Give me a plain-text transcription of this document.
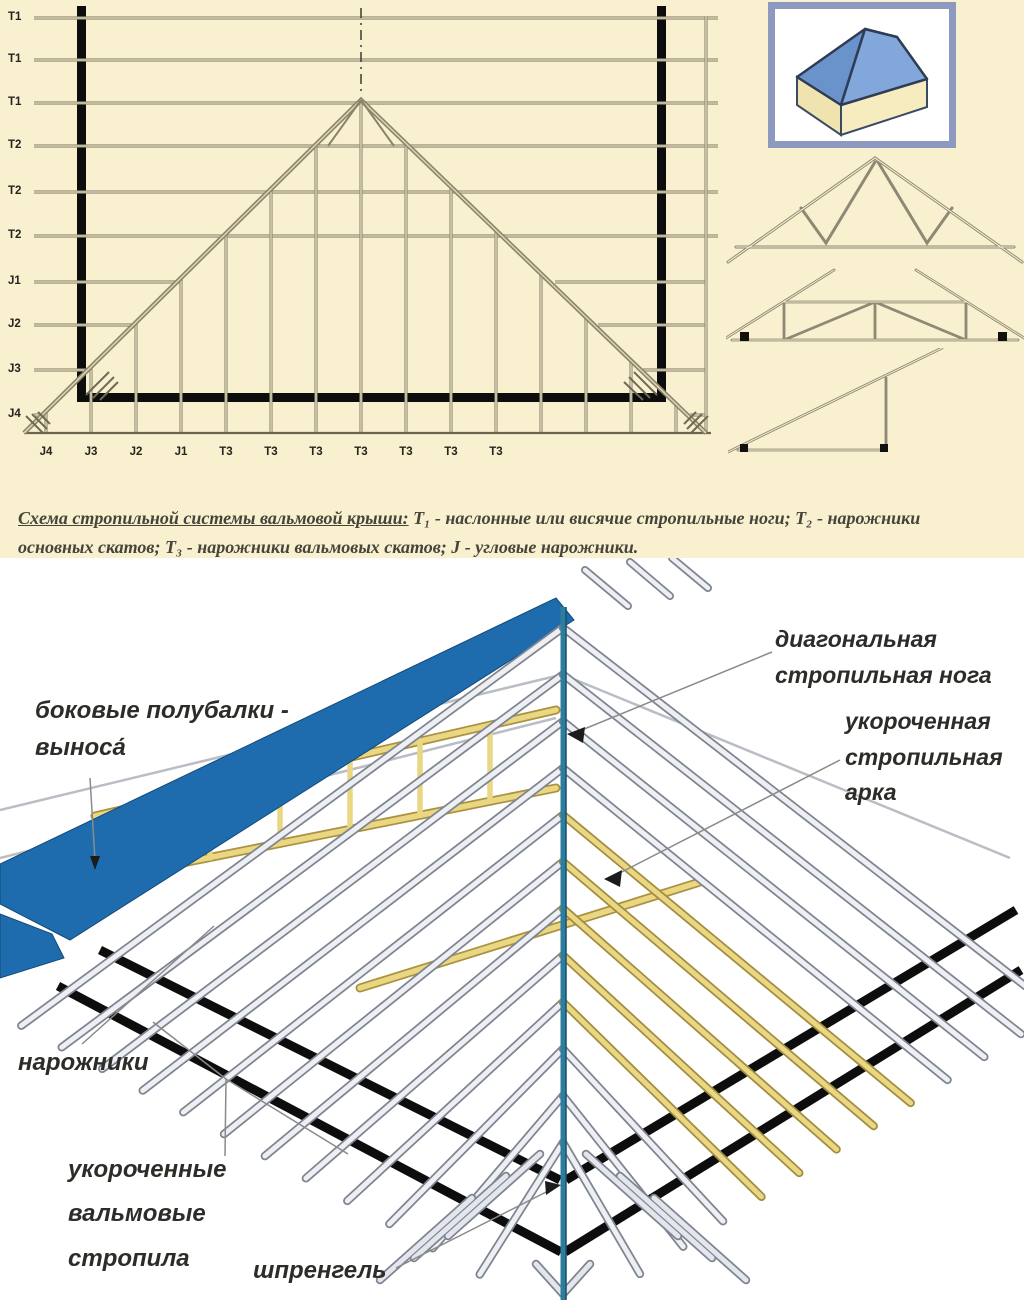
J4	J3	J2	J1	T3	T3	T3	T3	T3	T3	T3
T1
T1
T1
T2
T2
T2
J1
J2
J3
J4

Схема стропильной системы вальмовой крыши: Т₁ - наслонные или висячие стропильные ноги; Т₂ - нарожники основных скатов; Т₃ - нарожники вальмовых скатов; J - угловые нарожники.

боковые полубалки -
выноса́
диагональная
стропильная нога
укороченная
стропильная
арка
нарожники
укороченные
вальмовые
стропила	шпренгель
